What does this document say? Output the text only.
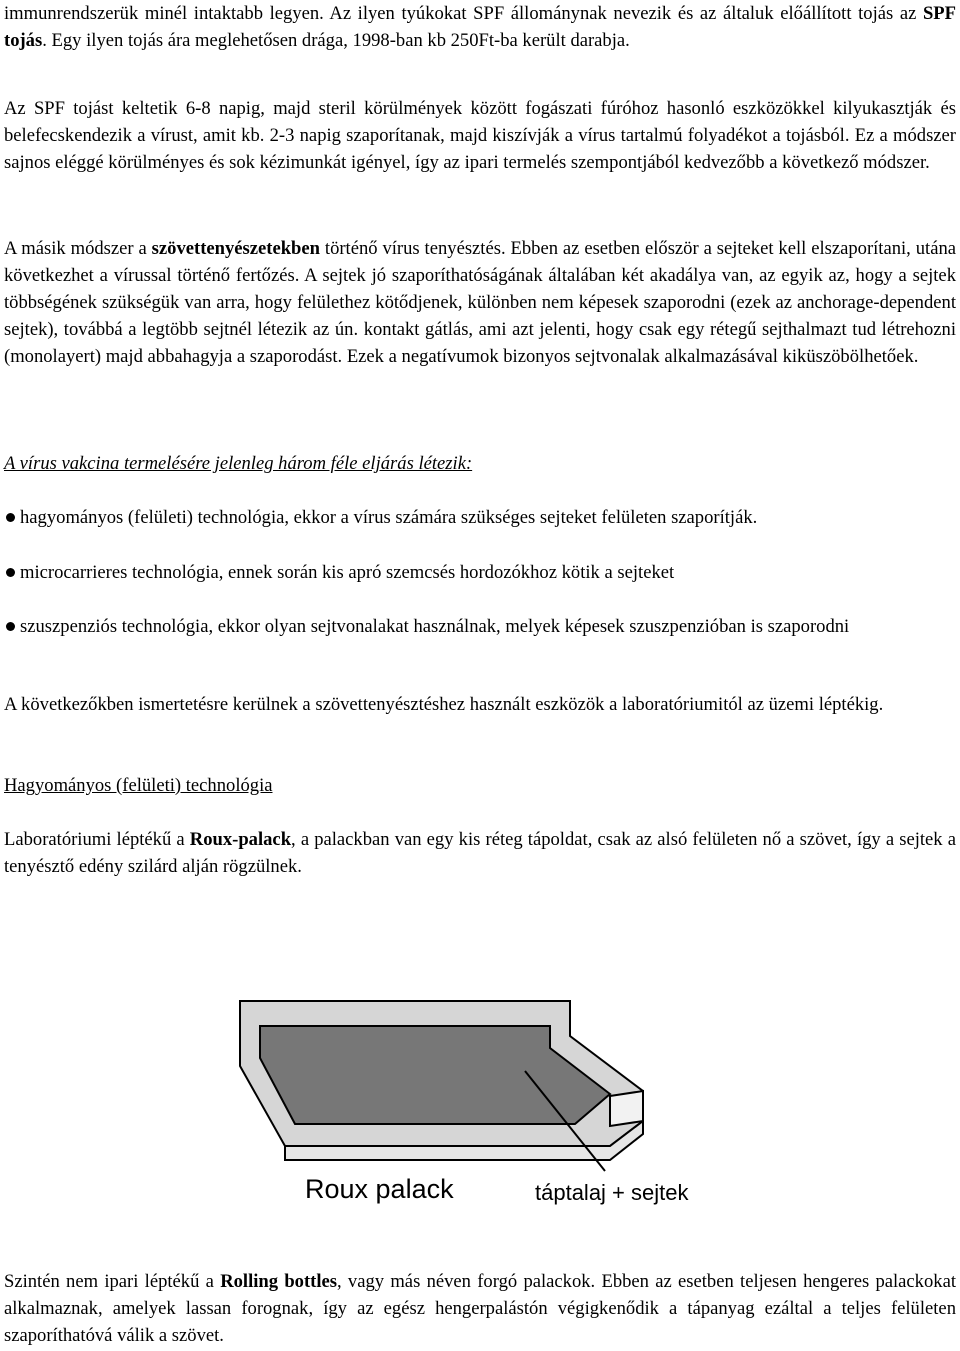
immunrendszerük minél intaktabb legyen. Az ilyen tyúkokat SPF állománynak nevezik és az általuk előállított tojás az SPF tojás. Egy ilyen tojás ára meglehetősen drága, 1998-ban kb 250Ft-ba került darabja.

Az SPF tojást keltetik 6-8 napig, majd steril körülmények között fogászati fúróhoz hasonló eszközökkel kilyukasztják és belefecskendezik a vírust, amit kb. 2-3 napig szaporítanak, majd kiszívják a vírus tartalmú folyadékot a tojásból. Ez a módszer sajnos eléggé körülményes és sok kézimunkát igényel, így az ipari termelés szempontjából kedvezőbb a következő módszer.

A másik módszer a szövettenyészetekben történő vírus tenyésztés. Ebben az esetben először a sejteket kell elszaporítani, utána következhet a vírussal történő fertőzés. A sejtek jó szaporíthatóságának általában két akadálya van, az egyik az, hogy a sejtek többségének szükségük van arra, hogy felülethez kötődjenek, különben nem képesek szaporodni (ezek az anchorage-dependent sejtek), továbbá a legtöbb sejtnél létezik az ún. kontakt gátlás, ami azt jelenti, hogy csak egy rétegű sejthalmazt tud létrehozni (monolayert) majd abbahagyja a szaporodást. Ezek a negatívumok bizonyos sejtvonalak alkalmazásával kiküszöbölhetőek.

A vírus vakcina termelésére jelenleg három féle eljárás létezik:

hagyományos (felületi) technológia, ekkor a vírus számára szükséges sejteket felületen szaporítják.

microcarrieres technológia, ennek során kis apró szemcsés hordozókhoz kötik a sejteket

szuszpenziós technológia, ekkor olyan sejtvonalakat használnak, melyek képesek szuszpenzióban is szaporodni

A következőkben ismertetésre kerülnek a szövettenyésztéshez használt eszközök a laboratóriumitól az üzemi léptékig.

Hagyományos (felületi) technológia

Laboratóriumi léptékű a Roux-palack, a palackban van egy kis réteg tápoldat, csak az alsó felületen nő a szövet, így a sejtek a tenyésztő edény szilárd alján rögzülnek.

Szintén nem ipari léptékű a Rolling bottles, vagy más néven forgó palackok. Ebben az esetben teljesen hengeres palackokat alkalmaznak, amelyek lassan forognak, így az egész hengerpalástón végigkenődik a tápanyag ezáltal a teljes felületen szaporíthatóvá válik a szövet.

Roux palack	táptalaj + sejtek
